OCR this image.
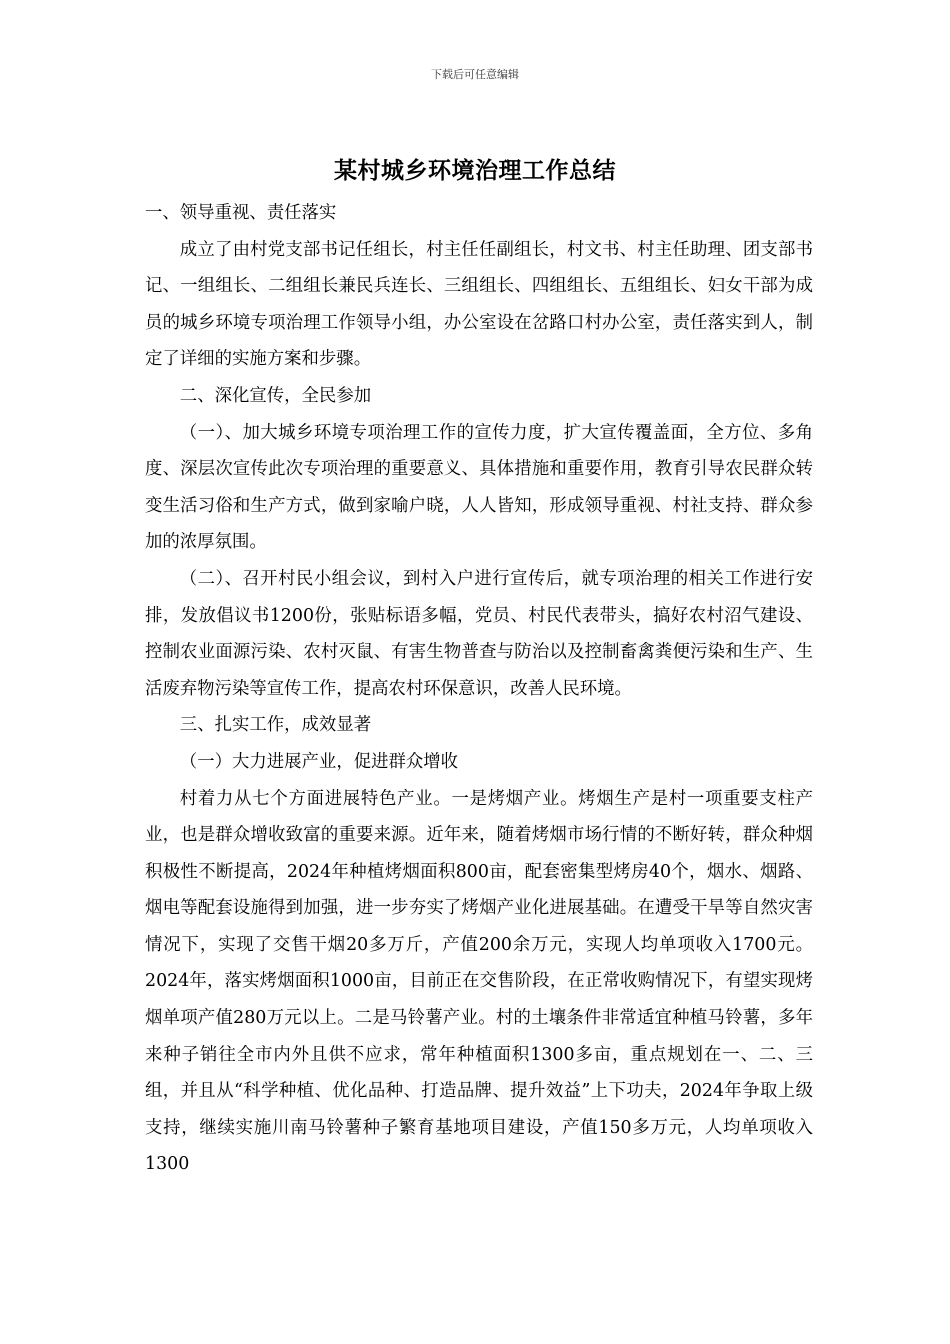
下载后可任意编辑
某村城乡环境治理工作总结

一、领导重视、责任落实

成立了由村党支部书记任组长，村主任任副组长，村文书、村主任助理、团支部书记、一组组长、二组组长兼民兵连长、三组组长、四组组长、五组组长、妇女干部为成员的城乡环境专项治理工作领导小组，办公室设在岔路口村办公室，责任落实到人，制定了详细的实施方案和步骤。

二、深化宣传，全民参加

（一）、加大城乡环境专项治理工作的宣传力度，扩大宣传覆盖面，全方位、多角度、深层次宣传此次专项治理的重要意义、具体措施和重要作用，教育引导农民群众转变生活习俗和生产方式，做到家喻户晓，人人皆知，形成领导重视、村社支持、群众参加的浓厚氛围。

（二）、召开村民小组会议，到村入户进行宣传后，就专项治理的相关工作进行安排，发放倡议书1200份，张贴标语多幅，党员、村民代表带头，搞好农村沼气建设、控制农业面源污染、农村灭鼠、有害生物普查与防治以及控制畜禽粪便污染和生产、生活废弃物污染等宣传工作，提高农村环保意识，改善人民环境。

三、扎实工作，成效显著

（一）大力进展产业，促进群众增收

村着力从七个方面进展特色产业。一是烤烟产业。烤烟生产是村一项重要支柱产业，也是群众增收致富的重要来源。近年来，随着烤烟市场行情的不断好转，群众种烟积极性不断提高，2024年种植烤烟面积800亩，配套密集型烤房40个，烟水、烟路、烟电等配套设施得到加强，进一步夯实了烤烟产业化进展基础。在遭受干旱等自然灾害情况下，实现了交售干烟20多万斤，产值200余万元，实现人均单项收入1700元。2024年，落实烤烟面积1000亩，目前正在交售阶段，在正常收购情况下，有望实现烤烟单项产值280万元以上。二是马铃薯产业。村的土壤条件非常适宜种植马铃薯，多年来种子销往全市内外且供不应求，常年种植面积1300多亩，重点规划在一、二、三组，并且从“科学种植、优化品种、打造品牌、提升效益”上下功夫，2024年争取上级支持，继续实施川南马铃薯种子繁育基地项目建设，产值150多万元，人均单项收入1300
